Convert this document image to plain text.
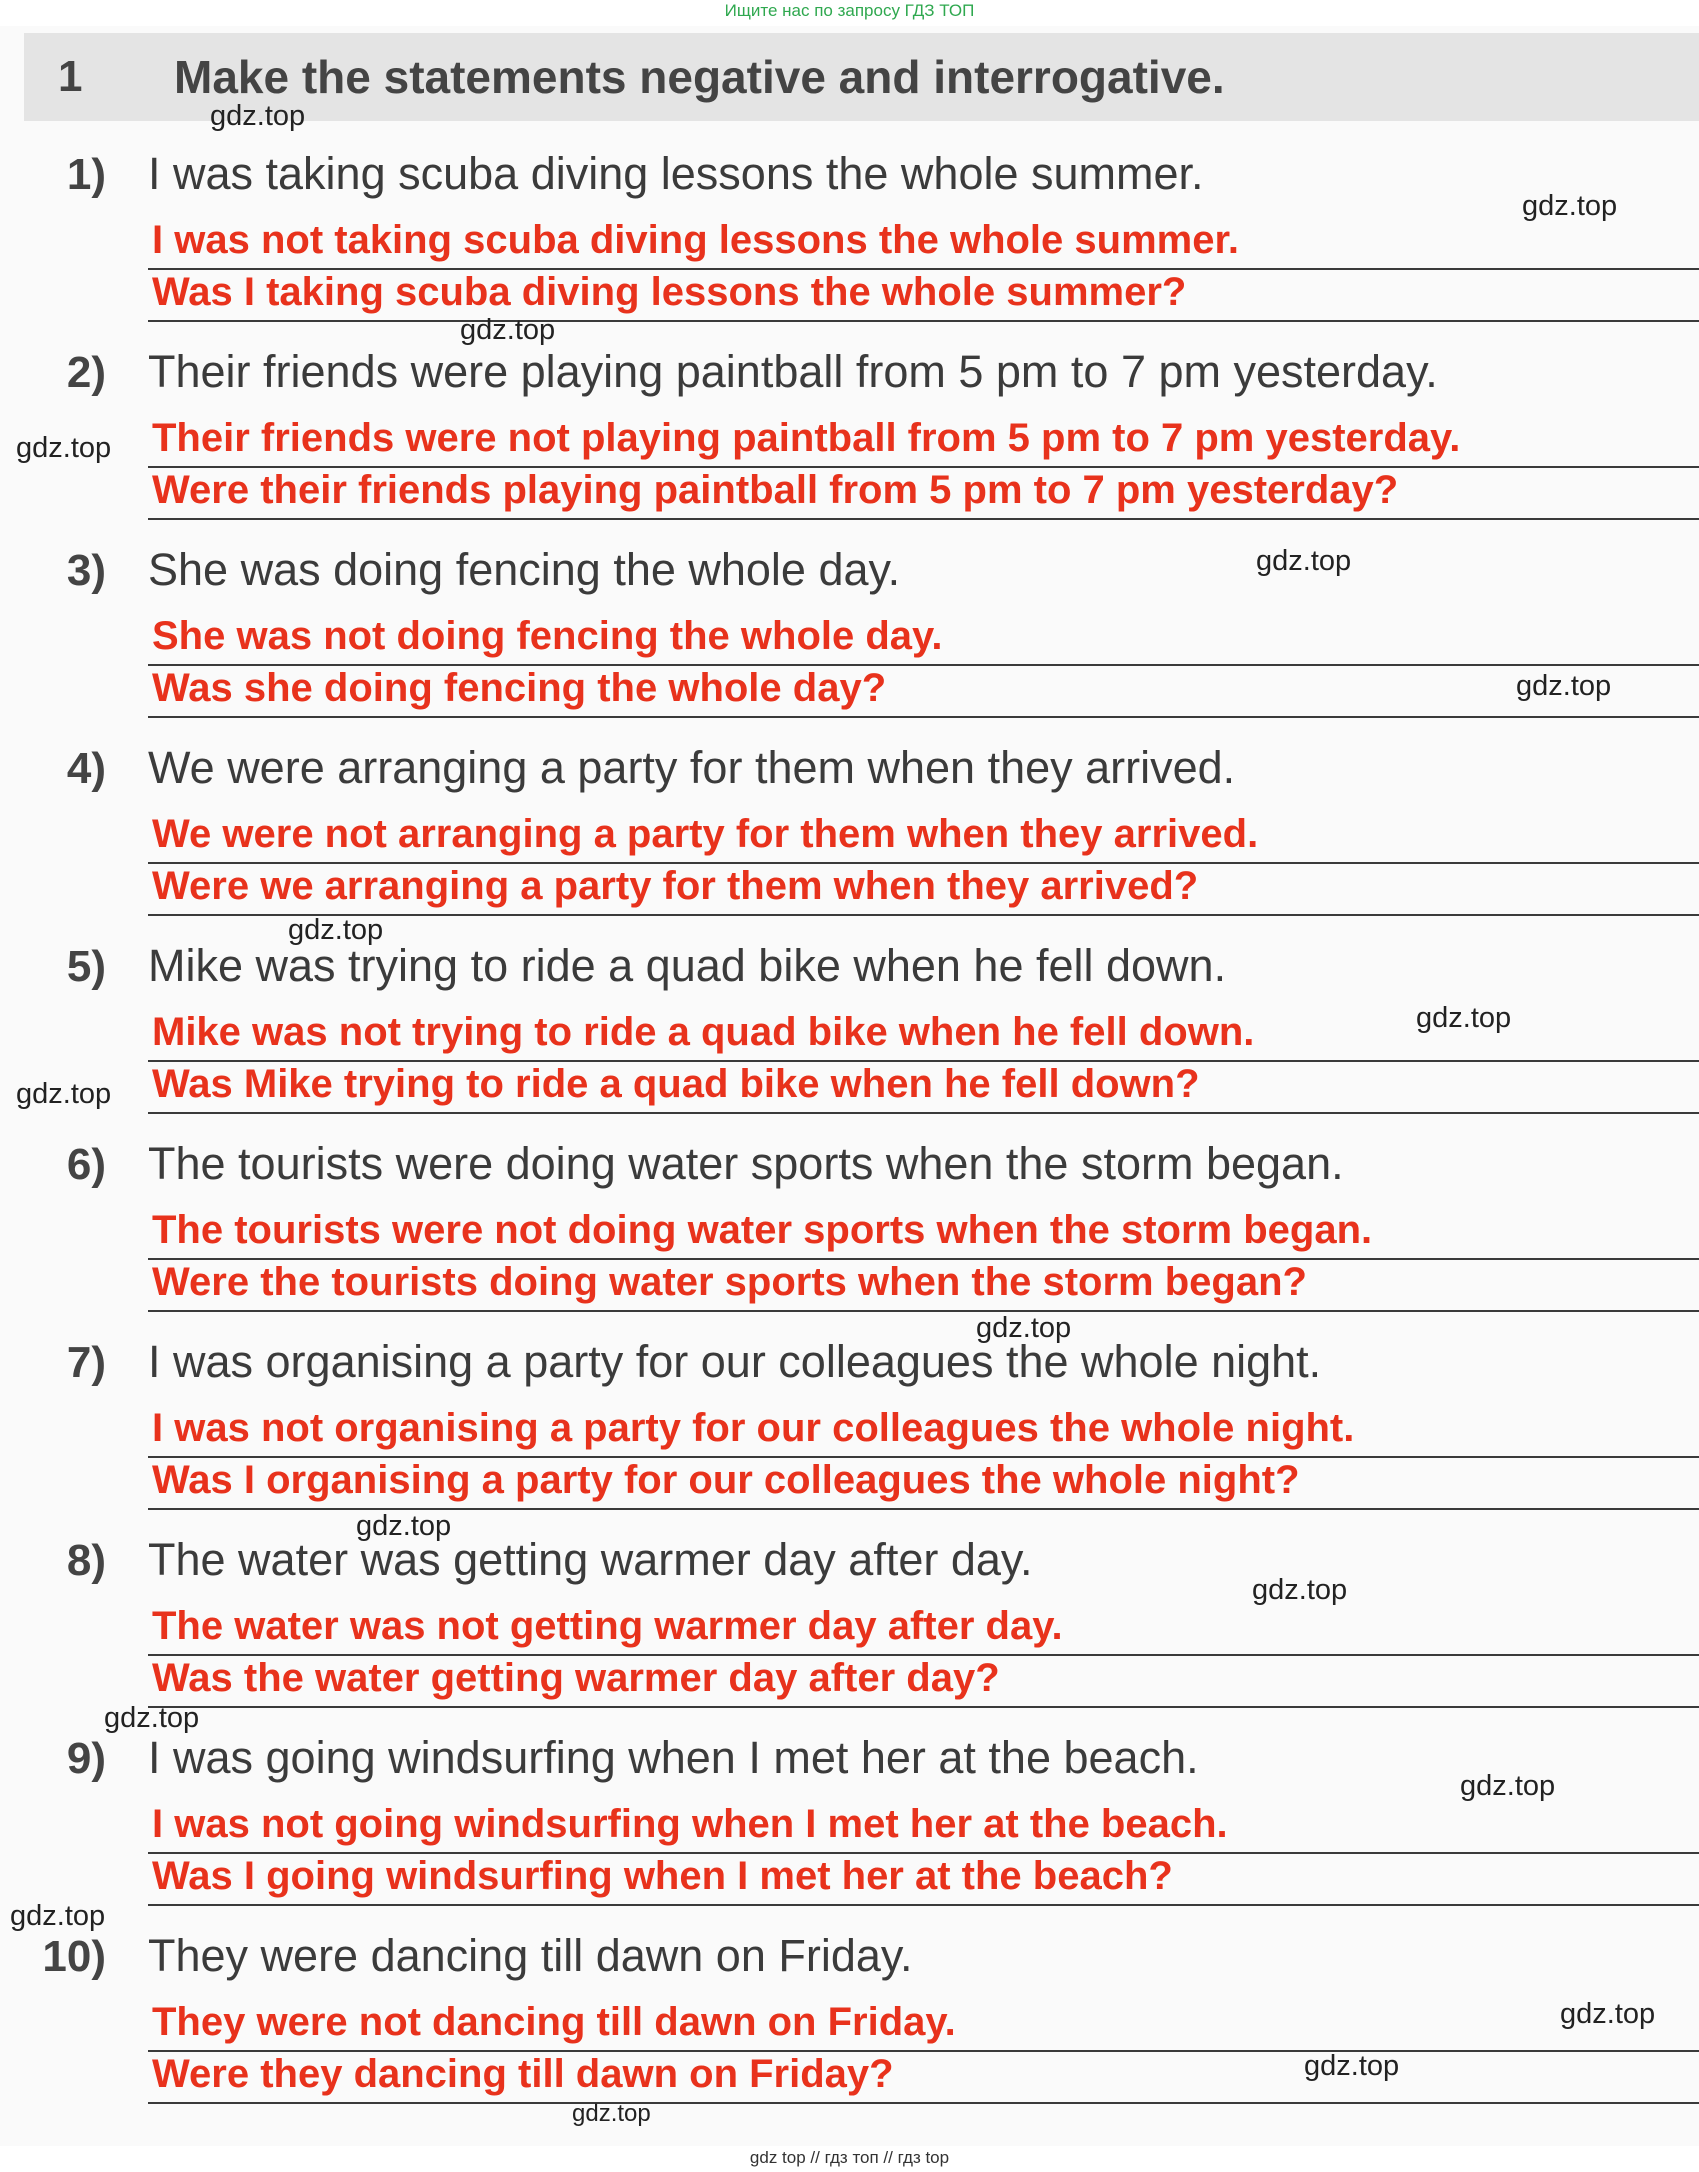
Ищите нас по запросу ГДЗ ТОП
1	Make the statements negative and interrogative.
1) I was taking scuba diving lessons the whole summer.
I was not taking scuba diving lessons the whole summer.
Was I taking scuba diving lessons the whole summer?
2) Their friends were playing paintball from 5 pm to 7 pm yesterday.
Their friends were not playing paintball from 5 pm to 7 pm yesterday.
Were their friends playing paintball from 5 pm to 7 pm yesterday?
3) She was doing fencing the whole day.
She was not doing fencing the whole day.
Was she doing fencing the whole day?
4) We were arranging a party for them when they arrived.
We were not arranging a party for them when they arrived.
Were we arranging a party for them when they arrived?
5) Mike was trying to ride a quad bike when he fell down.
Mike was not trying to ride a quad bike when he fell down.
Was Mike trying to ride a quad bike when he fell down?
6) The tourists were doing water sports when the storm began.
The tourists were not doing water sports when the storm began.
Were the tourists doing water sports when the storm began?
7) I was organising a party for our colleagues the whole night.
I was not organising a party for our colleagues the whole night.
Was I organising a party for our colleagues the whole night?
8) The water was getting warmer day after day.
The water was not getting warmer day after day.
Was the water getting warmer day after day?
9) I was going windsurfing when I met her at the beach.
I was not going windsurfing when I met her at the beach.
Was I going windsurfing when I met her at the beach?
10) They were dancing till dawn on Friday.
They were not dancing till dawn on Friday.
Were they dancing till dawn on Friday?
gdz.top
gdz.top
gdz.top
gdz.top
gdz.top
gdz.top
gdz.top
gdz.top
gdz.top
gdz.top
gdz.top
gdz.top
gdz.top
gdz.top
gdz.top
gdz.top
gdz.top
gdz.top
gdz top // гдз топ // гдз top
